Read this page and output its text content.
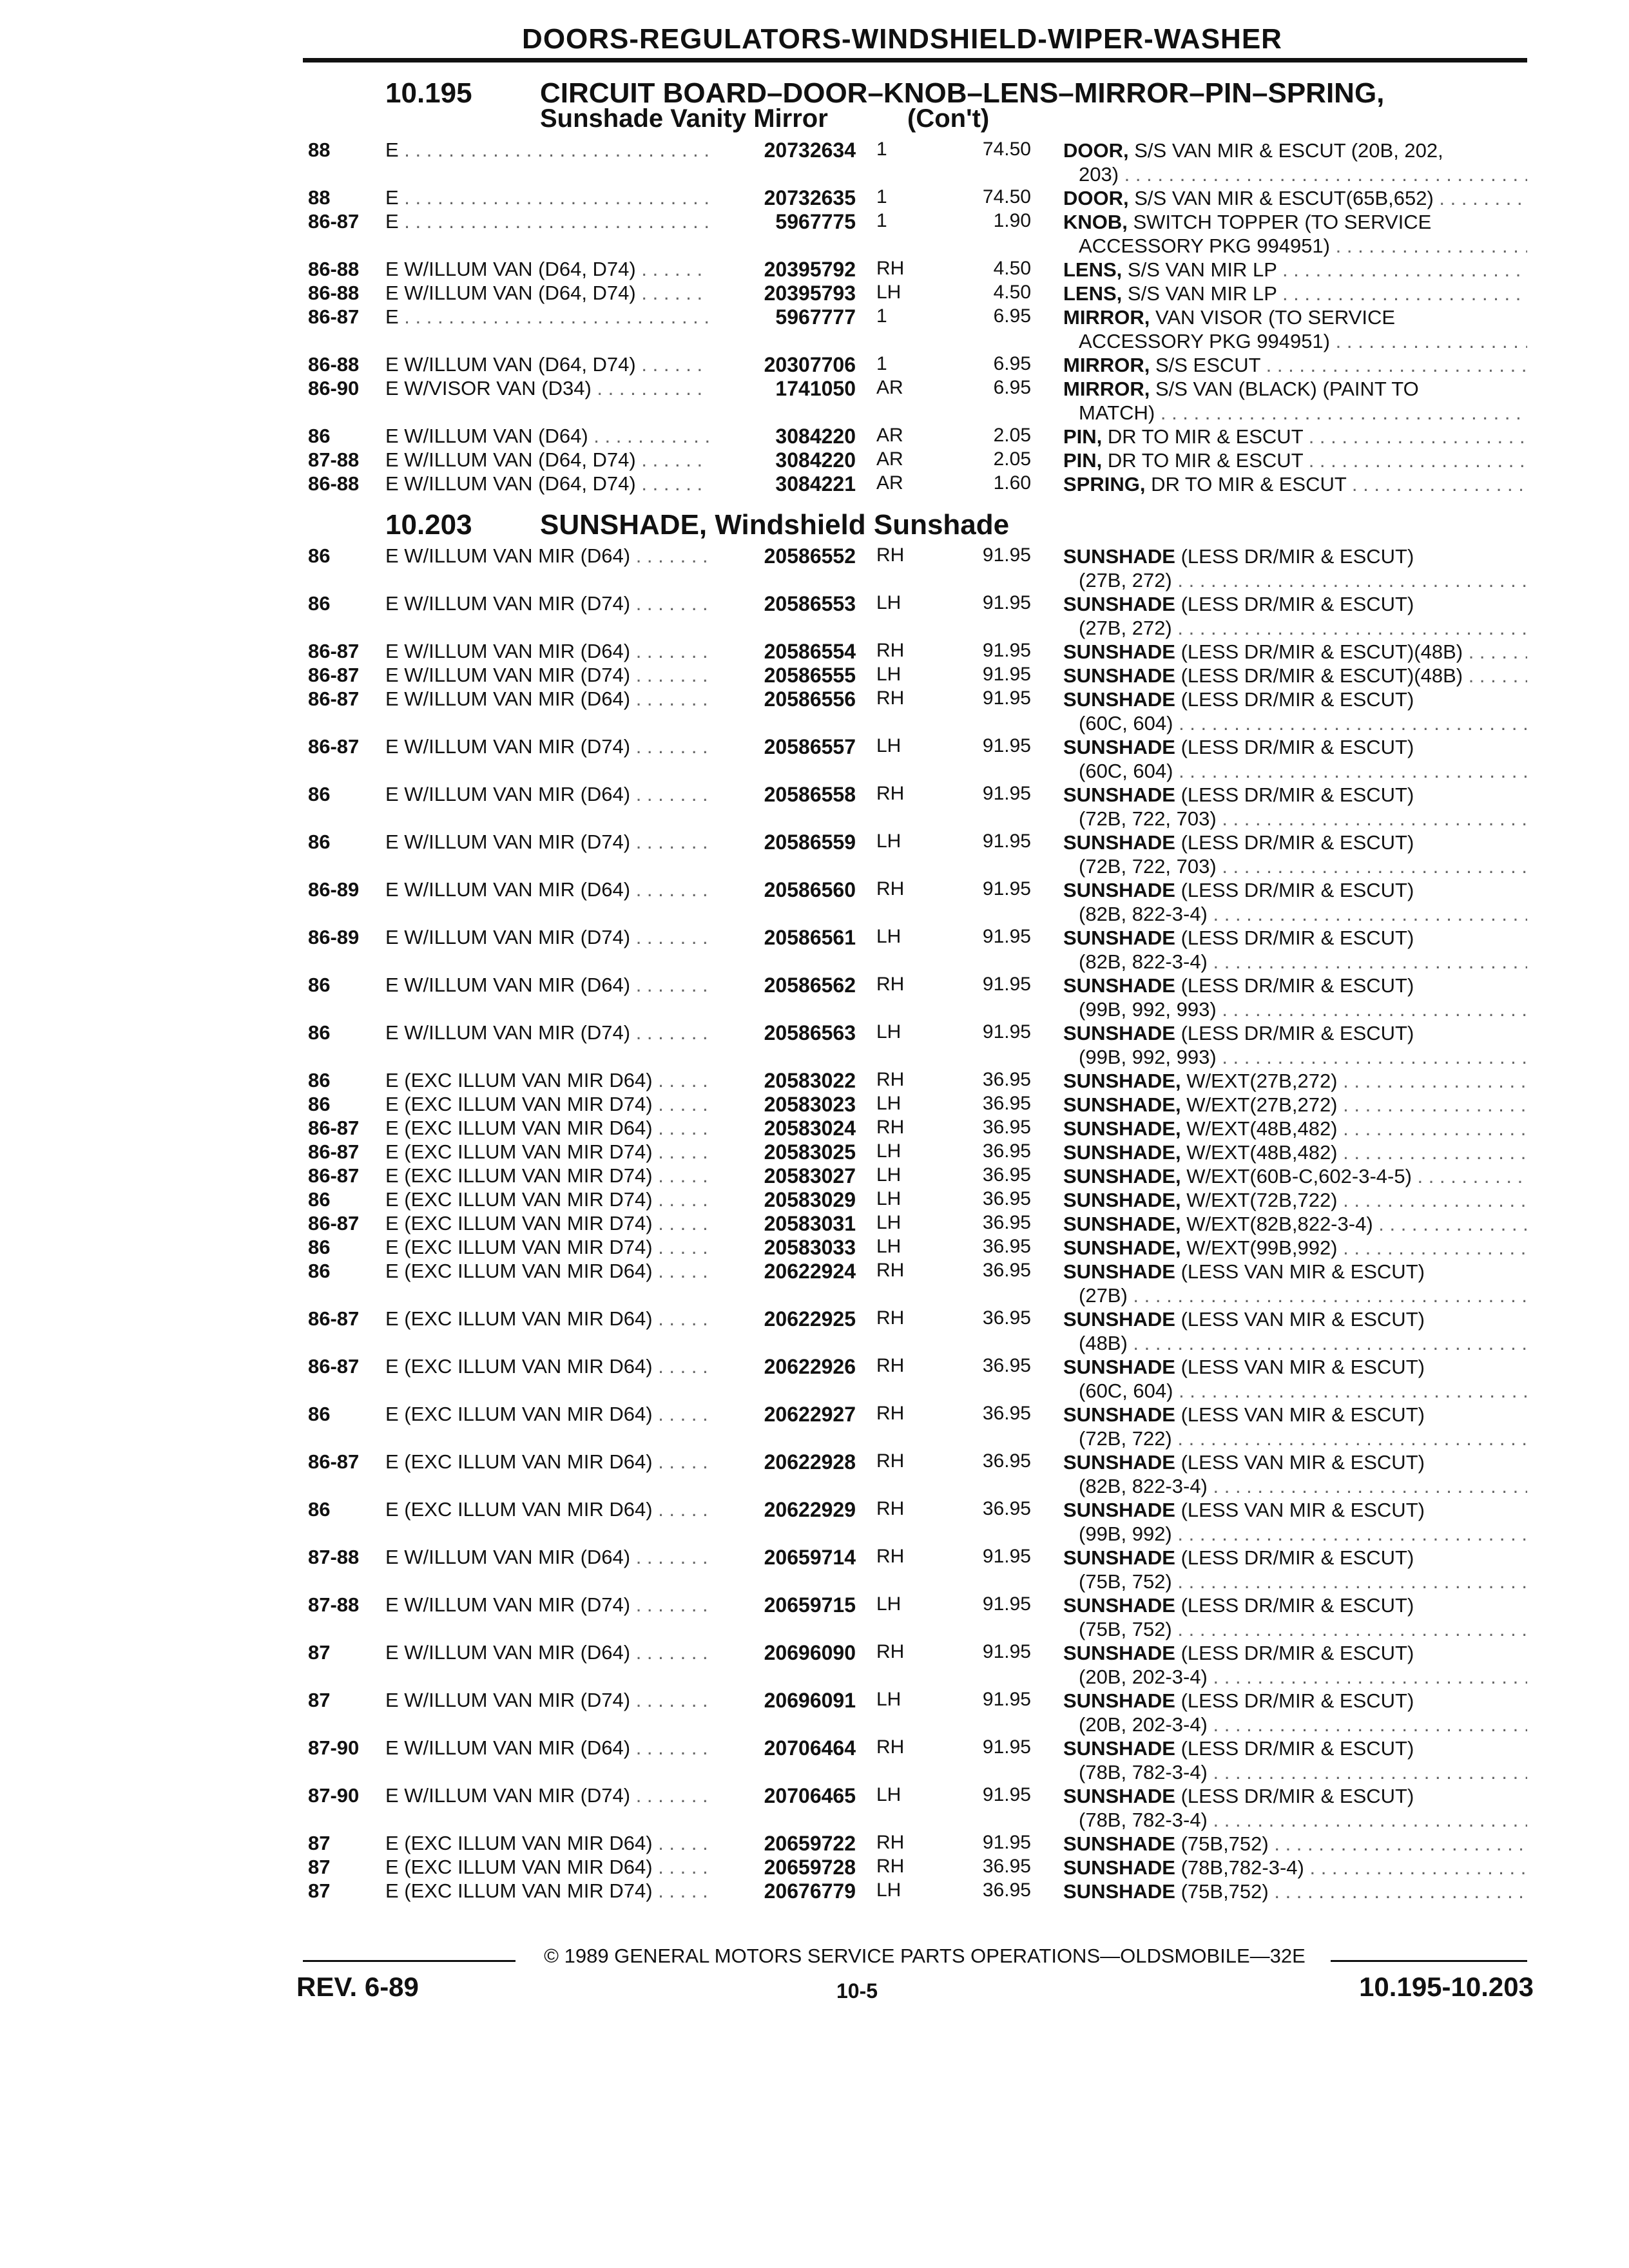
DOORS-REGULATORS-WINDSHIELD-WIPER-WASHER
10.195 CIRCUIT BOARD–DOOR–KNOB–LENS–MIRROR–PIN–SPRING,
Sunshade Vanity Mirror	(Con't)
88	E . . .	20732634 1	74.50 DOOR, S/S VAN MIR & ESCUT (20B, 202,
203) . . .
88	E . . .	20732635 1	74.50 DOOR, S/S VAN MIR & ESCUT(65B,652) . . .
86-87 E . . .	5967775 1	1.90 KNOB, SWITCH TOPPER (TO SERVICE
ACCESSORY PKG 994951) . . .
86-88 E W/ILLUM VAN (D64, D74) . . .	20395792 RH	4.50 LENS, S/S VAN MIR LP . . .
86-88 E W/ILLUM VAN (D64, D74) . . .	20395793 LH	4.50 LENS, S/S VAN MIR LP . . .
86-87 E . . .	5967777 1	6.95 MIRROR, VAN VISOR (TO SERVICE
ACCESSORY PKG 994951) . . .
86-88 E W/ILLUM VAN (D64, D74) . . .	20307706 1	6.95 MIRROR, S/S ESCUT . . .
86-90 E W/VISOR VAN (D34) . . .	1741050 AR	6.95 MIRROR, S/S VAN (BLACK) (PAINT TO
MATCH) . . .
86	E W/ILLUM VAN (D64) . . .	3084220 AR	2.05 PIN, DR TO MIR & ESCUT . . .
87-88 E W/ILLUM VAN (D64, D74) . . .	3084220 AR	2.05 PIN, DR TO MIR & ESCUT . . .
86-88 E W/ILLUM VAN (D64, D74) . . .	3084221 AR	1.60 SPRING, DR TO MIR & ESCUT . . .
10.203 SUNSHADE, Windshield Sunshade
86	E W/ILLUM VAN MIR (D64) . . .	20586552 RH	91.95 SUNSHADE (LESS DR/MIR & ESCUT)
(27B, 272) . . .
86	E W/ILLUM VAN MIR (D74) . . .	20586553 LH	91.95 SUNSHADE (LESS DR/MIR & ESCUT)
(27B, 272) . . .
86-87 E W/ILLUM VAN MIR (D64) . . .	20586554 RH	91.95 SUNSHADE (LESS DR/MIR & ESCUT)(48B) . . .
86-87 E W/ILLUM VAN MIR (D74) . . .	20586555 LH	91.95 SUNSHADE (LESS DR/MIR & ESCUT)(48B) . . .
86-87 E W/ILLUM VAN MIR (D64) . . .	20586556 RH	91.95 SUNSHADE (LESS DR/MIR & ESCUT)
(60C, 604) . . .
86-87 E W/ILLUM VAN MIR (D74) . . .	20586557 LH	91.95 SUNSHADE (LESS DR/MIR & ESCUT)
(60C, 604) . . .
86	E W/ILLUM VAN MIR (D64) . . .	20586558 RH	91.95 SUNSHADE (LESS DR/MIR & ESCUT)
(72B, 722, 703) . . .
86	E W/ILLUM VAN MIR (D74) . . .	20586559 LH	91.95 SUNSHADE (LESS DR/MIR & ESCUT)
(72B, 722, 703) . . .
86-89 E W/ILLUM VAN MIR (D64) . . .	20586560 RH	91.95 SUNSHADE (LESS DR/MIR & ESCUT)
(82B, 822-3-4) . . .
86-89 E W/ILLUM VAN MIR (D74) . . .	20586561 LH	91.95 SUNSHADE (LESS DR/MIR & ESCUT)
(82B, 822-3-4) . . .
86	E W/ILLUM VAN MIR (D64) . . .	20586562 RH	91.95 SUNSHADE (LESS DR/MIR & ESCUT)
(99B, 992, 993) . . .
86	E W/ILLUM VAN MIR (D74) . . .	20586563 LH	91.95 SUNSHADE (LESS DR/MIR & ESCUT)
(99B, 992, 993) . . .
86	E (EXC ILLUM VAN MIR D64) . . .	20583022 RH	36.95 SUNSHADE, W/EXT(27B,272) . . .
86	E (EXC ILLUM VAN MIR D74) . . .	20583023 LH	36.95 SUNSHADE, W/EXT(27B,272) . . .
86-87 E (EXC ILLUM VAN MIR D64) . . .	20583024 RH	36.95 SUNSHADE, W/EXT(48B,482) . . .
86-87 E (EXC ILLUM VAN MIR D74) . . .	20583025 LH	36.95 SUNSHADE, W/EXT(48B,482) . . .
86-87 E (EXC ILLUM VAN MIR D74) . . .	20583027 LH	36.95 SUNSHADE, W/EXT(60B-C,602-3-4-5) . . .
86	E (EXC ILLUM VAN MIR D74) . . .	20583029 LH	36.95 SUNSHADE, W/EXT(72B,722) . . .
86-87 E (EXC ILLUM VAN MIR D74) . . .	20583031 LH	36.95 SUNSHADE, W/EXT(82B,822-3-4) . . .
86	E (EXC ILLUM VAN MIR D74) . . .	20583033 LH	36.95 SUNSHADE, W/EXT(99B,992) . . .
86	E (EXC ILLUM VAN MIR D64) . . .	20622924 RH	36.95 SUNSHADE (LESS VAN MIR & ESCUT)
(27B) . . .
86-87 E (EXC ILLUM VAN MIR D64) . . .	20622925 RH	36.95 SUNSHADE (LESS VAN MIR & ESCUT)
(48B) . . .
86-87 E (EXC ILLUM VAN MIR D64) . . .	20622926 RH	36.95 SUNSHADE (LESS VAN MIR & ESCUT)
(60C, 604) . . .
86	E (EXC ILLUM VAN MIR D64) . . .	20622927 RH	36.95 SUNSHADE (LESS VAN MIR & ESCUT)
(72B, 722) . . .
86-87 E (EXC ILLUM VAN MIR D64) . . .	20622928 RH	36.95 SUNSHADE (LESS VAN MIR & ESCUT)
(82B, 822-3-4) . . .
86	E (EXC ILLUM VAN MIR D64) . . .	20622929 RH	36.95 SUNSHADE (LESS VAN MIR & ESCUT)
(99B, 992) . . .
87-88 E W/ILLUM VAN MIR (D64) . . .	20659714 RH	91.95 SUNSHADE (LESS DR/MIR & ESCUT)
(75B, 752) . . .
87-88 E W/ILLUM VAN MIR (D74) . . .	20659715 LH	91.95 SUNSHADE (LESS DR/MIR & ESCUT)
(75B, 752) . . .
87	E W/ILLUM VAN MIR (D64) . . .	20696090 RH	91.95 SUNSHADE (LESS DR/MIR & ESCUT)
(20B, 202-3-4) . . .
87	E W/ILLUM VAN MIR (D74) . . .	20696091 LH	91.95 SUNSHADE (LESS DR/MIR & ESCUT)
(20B, 202-3-4) . . .
87-90 E W/ILLUM VAN MIR (D64) . . .	20706464 RH	91.95 SUNSHADE (LESS DR/MIR & ESCUT)
(78B, 782-3-4) . . .
87-90 E W/ILLUM VAN MIR (D74) . . .	20706465 LH	91.95 SUNSHADE (LESS DR/MIR & ESCUT)
(78B, 782-3-4) . . .
87	E (EXC ILLUM VAN MIR D64) . . .	20659722 RH	91.95 SUNSHADE (75B,752) . . .
87	E (EXC ILLUM VAN MIR D64) . . .	20659728 RH	36.95 SUNSHADE (78B,782-3-4) . . .
87	E (EXC ILLUM VAN MIR D74) . . .	20676779 LH	36.95 SUNSHADE (75B,752) . . .
© 1989 GENERAL MOTORS SERVICE PARTS OPERATIONS—OLDSMOBILE—32E
REV. 6-89	10-5	10.195-10.203
